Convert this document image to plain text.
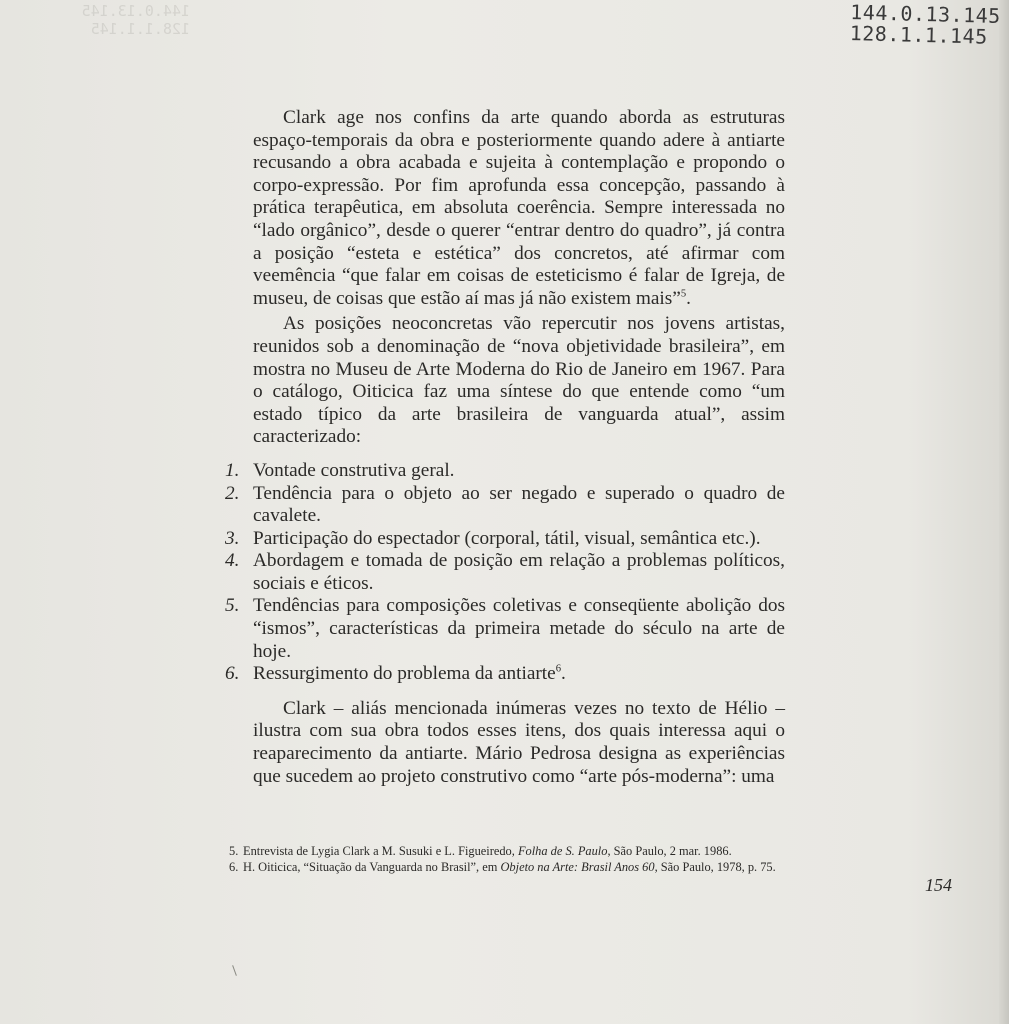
144.0.13.145
128.1.1.145
144.0.13.145
128.1.1.145

Clark age nos confins da arte quando aborda as estruturas espaço-temporais da obra e posteriormente quando adere à antiarte recusando a obra acabada e sujeita à contemplação e propondo o corpo-expressão. Por fim aprofunda essa concepção, passando à prática terapêutica, em absoluta coerência. Sempre interessada no “lado orgânico”, desde o querer “entrar dentro do quadro”, já contra a posição “esteta e estética” dos concretos, até afirmar com veemência “que falar em coisas de esteticismo é falar de Igreja, de museu, de coisas que estão aí mas já não existem mais”$^5$.

As posições neoconcretas vão repercutir nos jovens artistas, reunidos sob a denominação de “nova objetividade brasileira”, em mostra no Museu de Arte Moderna do Rio de Janeiro em 1967. Para o catálogo, Oiticica faz uma síntese do que entende como “um estado típico da arte brasileira de vanguarda atual”, assim caracterizado:

1. Vontade construtiva geral.
2. Tendência para o objeto ao ser negado e superado o quadro de cavalete.
3. Participação do espectador (corporal, tátil, visual, semântica etc.).
4. Abordagem e tomada de posição em relação a problemas políticos, sociais e éticos.
5. Tendências para composições coletivas e conseqüente abolição dos “ismos”, características da primeira metade do século na arte de hoje.
6. Ressurgimento do problema da antiarte$^6$.

Clark – aliás mencionada inúmeras vezes no texto de Hélio – ilustra com sua obra todos esses itens, dos quais interessa aqui o reaparecimento da antiarte. Mário Pedrosa designa as experiências que sucedem ao projeto construtivo como “arte pós-moderna”: uma

5. Entrevista de Lygia Clark a M. Susuki e L. Figueiredo, Folha de S. Paulo, São Paulo, 2 mar. 1986.
6. H. Oiticica, “Situação da Vanguarda no Brasil”, em Objeto na Arte: Brasil Anos 60, São Paulo, 1978, p. 75.
154
